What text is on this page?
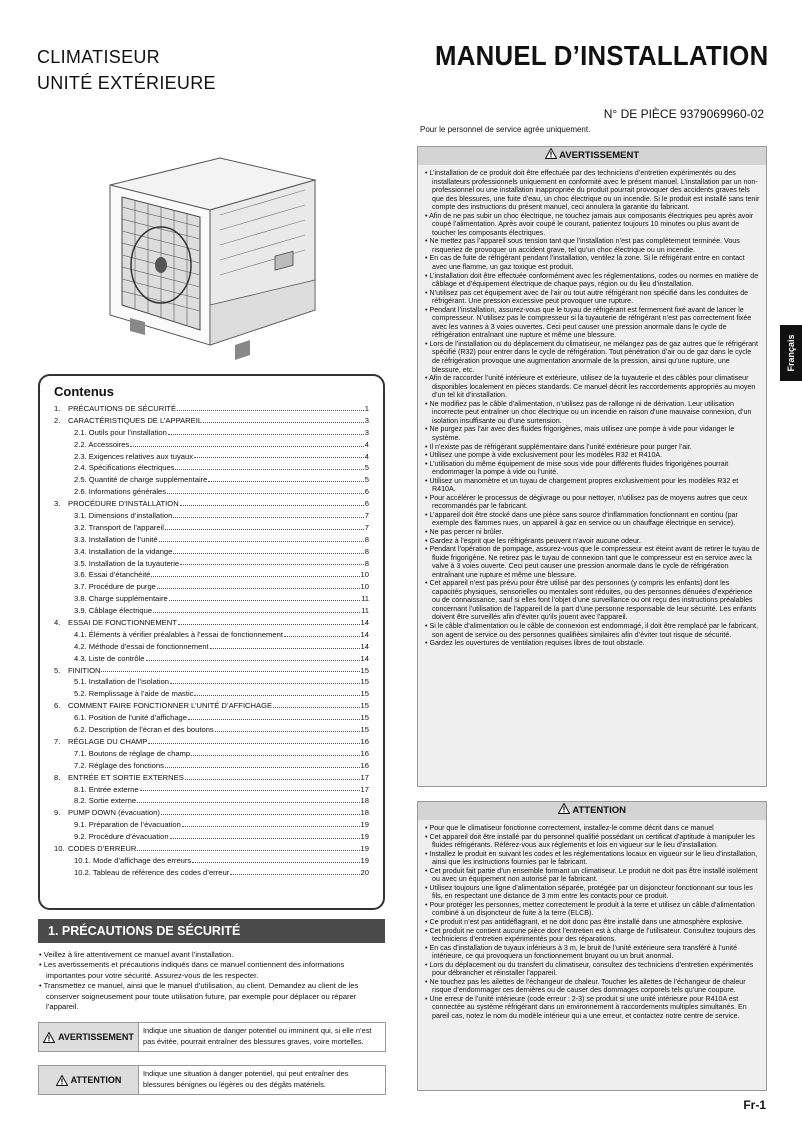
CLIMATISEUR
UNITÉ EXTÉRIEURE
MANUEL D’INSTALLATION
N° DE PIÈCE 9379069960-02
Pour le personnel de service agrée uniquement.
Français
Contenus
1.	PRÉCAUTIONS DE SÉCURITÉ	1
2.	CARACTÉRISTIQUES DE L’APPAREIL	3
2.1. Outils pour l’installation	3
2.2. Accessoires	4
2.3. Exigences relatives aux tuyaux	4
2.4. Spécifications électriques	5
2.5. Quantité de charge supplémentaire	5
2.6. Informations générales	6
3.	PROCÉDURE D’INSTALLATION	6
3.1. Dimensions d’installation	7
3.2. Transport de l’appareil	7
3.3. Installation de l’unité	8
3.4. Installation de la vidange	8
3.5. Installation de la tuyauterie	8
3.6. Essai d’étanchéité	10
3.7. Procédure de purge	10
3.8. Charge supplémentaire	11
3.9. Câblage électrique	11
4.	ESSAI DE FONCTIONNEMENT	14
4.1. Éléments à vérifier préalables à l’essai de fonctionnement	14
4.2. Méthode d’essai de fonctionnement	14
4.3. Liste de contrôle	14
5.	FINITION	15
5.1. Installation de l’isolation	15
5.2. Remplissage à l’aide de mastic	15
6.	COMMENT FAIRE FONCTIONNER L’UNITÉ D’AFFICHAGE	15
6.1. Position de l’unité d’affichage	15
6.2. Description de l’écran et des boutons	15
7.	RÉGLAGE DU CHAMP	16
7.1. Boutons de réglage de champ	16
7.2. Réglage des fonctions	16
8.	ENTRÉE ET SORTIE EXTERNES	17
8.1. Entrée externe	17
8.2. Sortie externe	18
9.	PUMP DOWN (évacuation)	18
9.1. Préparation de l’évacuation	19
9.2. Procédure d’évacuation	19
10. CODES D’ERREUR	19
10.1. Mode d’affichage des erreurs	19
10.2. Tableau de référence des codes d’erreur	20
1. PRÉCAUTIONS DE SÉCURITÉ
• Veillez à lire attentivement ce manuel avant l’installation.
• Les avertissements et précautions indiqués dans ce manuel contiennent des informations importantes pour votre sécurité. Assurez-vous de les respecter.
• Transmettez ce manuel, ainsi que le manuel d’utilisation, au client. Demandez au client de les conserver soigneusement pour toute utilisation future, par exemple pour déplacer ou réparer l’appareil.
AVERTISSEMENT
Indique une situation de danger potentiel ou imminent qui, si elle n’est pas évitée, pourrait entraîner des blessures graves, voire mortelles.
ATTENTION
Indique une situation à danger potentiel, qui peut entraîner des blessures bénignes ou légères ou des dégâts matériels.
AVERTISSEMENT
• L’installation de ce produit doit être effectuée par des techniciens d’entretien expérimentés ou des installateurs professionnels uniquement en conformité avec le présent manuel. L’installation par un non-professionnel ou une installation inappropriée du produit pourrait provoquer des accidents graves tels que des blessures, une fuite d’eau, un choc électrique ou un incendie. Si le produit est installé sans tenir compte des instructions du présent manuel, ceci annulera la garantie du fabricant.
• Afin de ne pas subir un choc électrique, ne touchez jamais aux composants électriques peu après avoir coupé l’alimentation. Après avoir coupé le courant, patientez toujours 10 minutes ou plus avant de toucher les composants électriques.
• Ne mettez pas l’appareil sous tension tant que l’installation n’est pas complètement terminée. Vous risqueriez de provoquer un accident grave, tel qu’un choc électrique ou un incendie.
• En cas de fuite de réfrigérant pendant l’installation, ventilez la zone. Si le réfrigérant entre en contact avec une flamme, un gaz toxique est produit.
• L’installation doit être effectuée conformément avec les réglementations, codes ou normes en matière de câblage et d’équipement électrique de chaque pays, région ou du lieu d’installation.
• N’utilisez pas cet équipement avec de l’air ou tout autre réfrigérant non spécifié dans les conduites de réfrigérant. Une pression excessive peut provoquer une rupture.
• Pendant l’installation, assurez-vous que le tuyau de réfrigérant est fermement fixé avant de lancer le compresseur. N’utilisez pas le compresseur si la tuyauterie de réfrigérant n’est pas correctement fixée avec les vannes à 3 voies ouvertes. Ceci peut causer une pression anormale dans le cycle de réfrigération entraînant une rupture et même une blessure.
• Lors de l’installation ou du déplacement du climatiseur, ne mélangez pas de gaz autres que le réfrigérant spécifié (R32) pour entrer dans le cycle de réfrigération. Tout pénétration d’air ou de gaz dans le cycle de réfrigération provoque une augmentation anormale de la pression, ainsi qu’une rupture, une blessure, etc.
• Afin de raccorder l’unité intérieure et extérieure, utilisez de la tuyauterie et des câbles pour climatiseur disponibles localement en pièces standards. Ce manuel décrit les raccordements appropriés au moyen d’un tel kit d’installation.
• Ne modifiez pas le câble d’alimentation, n’utilisez pas de rallonge ni de dérivation. Leur utilisation incorrecte peut entraîner un choc électrique ou un incendie en raison d’une mauvaise connexion, d’un isolation insuffisante ou d’une surtension.
• Ne purgez pas l’air avec des fluides frigorigènes, mais utilisez une pompe à vide pour vidanger le système.
• Il n’existe pas de réfrigérant supplémentaire dans l’unité extérieure pour purger l’air.
• Utilisez une pompe à vide exclusivement pour les modèles R32 et R410A.
• L’utilisation du même équipement de mise sous vide pour différents fluides frigorigènes pourrait endommager la pompe à vide ou l’unité.
• Utilisez un manomètre et un tuyau de chargement propres exclusivement pour les modèles R32 et R410A.
• Pour accélérer le processus de dégivrage ou pour nettoyer, n’utilisez pas de moyens autres que ceux recommandés par le fabricant.
• L’appareil doit être stocké dans une pièce sans source d’inflammation fonctionnant en continu (par exemple des flammes nues, un appareil à gaz en service ou un chauffage électrique en service).
• Ne pas percer ni brûler.
• Gardez à l’esprit que les réfrigérants peuvent n’avoir aucune odeur.
• Pendant l’opération de pompage, assurez-vous que le compresseur est éteint avant de retirer le tuyau de fluide frigorigène. Ne retirez pas le tuyau de connexion tant que le compresseur est en service avec la valve à 3 voies ouverte. Ceci peut causer une pression anormale dans le cycle de réfrigération entraînant une rupture et même une blessure.
• Cet appareil n’est pas prévu pour être utilisé par des personnes (y compris les enfants) dont les capacités physiques, sensorielles ou mentales sont réduites, ou des personnes dénuées d’expérience ou de connaissance, sauf si elles font l’objet d’une surveillance ou ont reçu des instructions préalables concernant l’utilisation de l’appareil de la part d’une personne responsable de leur sécurité. Les enfants doivent être surveillés afin d’éviter qu’ils jouent avec l’appareil.
• Si le câble d’alimentation ou le câble de connexion est endommagé, il doit être remplacé par le fabricant, son agent de service ou des personnes qualifiées similaires afin d’éviter tout risque de sécurité.
• Gardez les ouvertures de ventilation requises libres de tout obstacle.
ATTENTION
• Pour que le climatiseur fonctionne correctement, installez-le comme décrit dans ce manuel
• Cet appareil doit être installé par du personnel qualifié possédant un certificat d’aptitude à manipuler les fluides réfrigérants. Référez-vous aux réglements et lois en vigueur sur le lieu d’installation.
• Installez le produit en suivant les codes et les réglementations locaux en vigueur sur le lieu d’installation, ainsi que les instructions fournies par le fabricant.
• Cet produit fait partie d’un ensemble formant un climatiseur. Le produit ne doit pas être installé isolément ou avec un équipement non autorisé par le fabricant.
• Utilisez toujours une ligne d’alimentation séparée, protégée par un disjoncteur fonctionnant sur tous les fils, en respectant une distance de 3 mm entre les contacts pour ce produit.
• Pour protéger les personnes, mettez correctement le produit à la terre et utilisez un câble d’alimentation combiné à un disjoncteur de fuite à la terre (ELCB).
• Ce produit n’est pas antidéflagrant, et ne doit donc pas être installé dans une atmosphère explosive.
• Cet produit ne contient aucune pièce dont l’entretien est à charge de l’utilisateur. Consultez toujours des techniciens d’entretien expérimentés pour des réparations.
• En cas d’installation de tuyaux inférieurs à 3 m, le bruit de l’unité extérieure sera transféré à l’unité intérieure, ce qui provoquera un fonctionnement bruyant ou un bruit anormal.
• Lors du déplacement ou du transfert du climatiseur, consultez des techniciens d’entretien expérimentés pour débrancher et réinstaller l’appareil.
• Ne touchez pas les ailettes de l’échangeur de chaleur. Toucher les ailettes de l’échangeur de chaleur risque d’endommager ces dernières ou de causer des dommages corporels tels qu’une coupure.
• Une erreur de l’unité intérieure (code erreur : 2-3) se produit si une unité intérieure pour R410A est connectée au système réfrigérant dans un environnement à raccordements multiples simultanés. En pareil cas, notez le nom du modèle intérieur qui a une erreur, et contactez notre centre de service.
Fr-1
